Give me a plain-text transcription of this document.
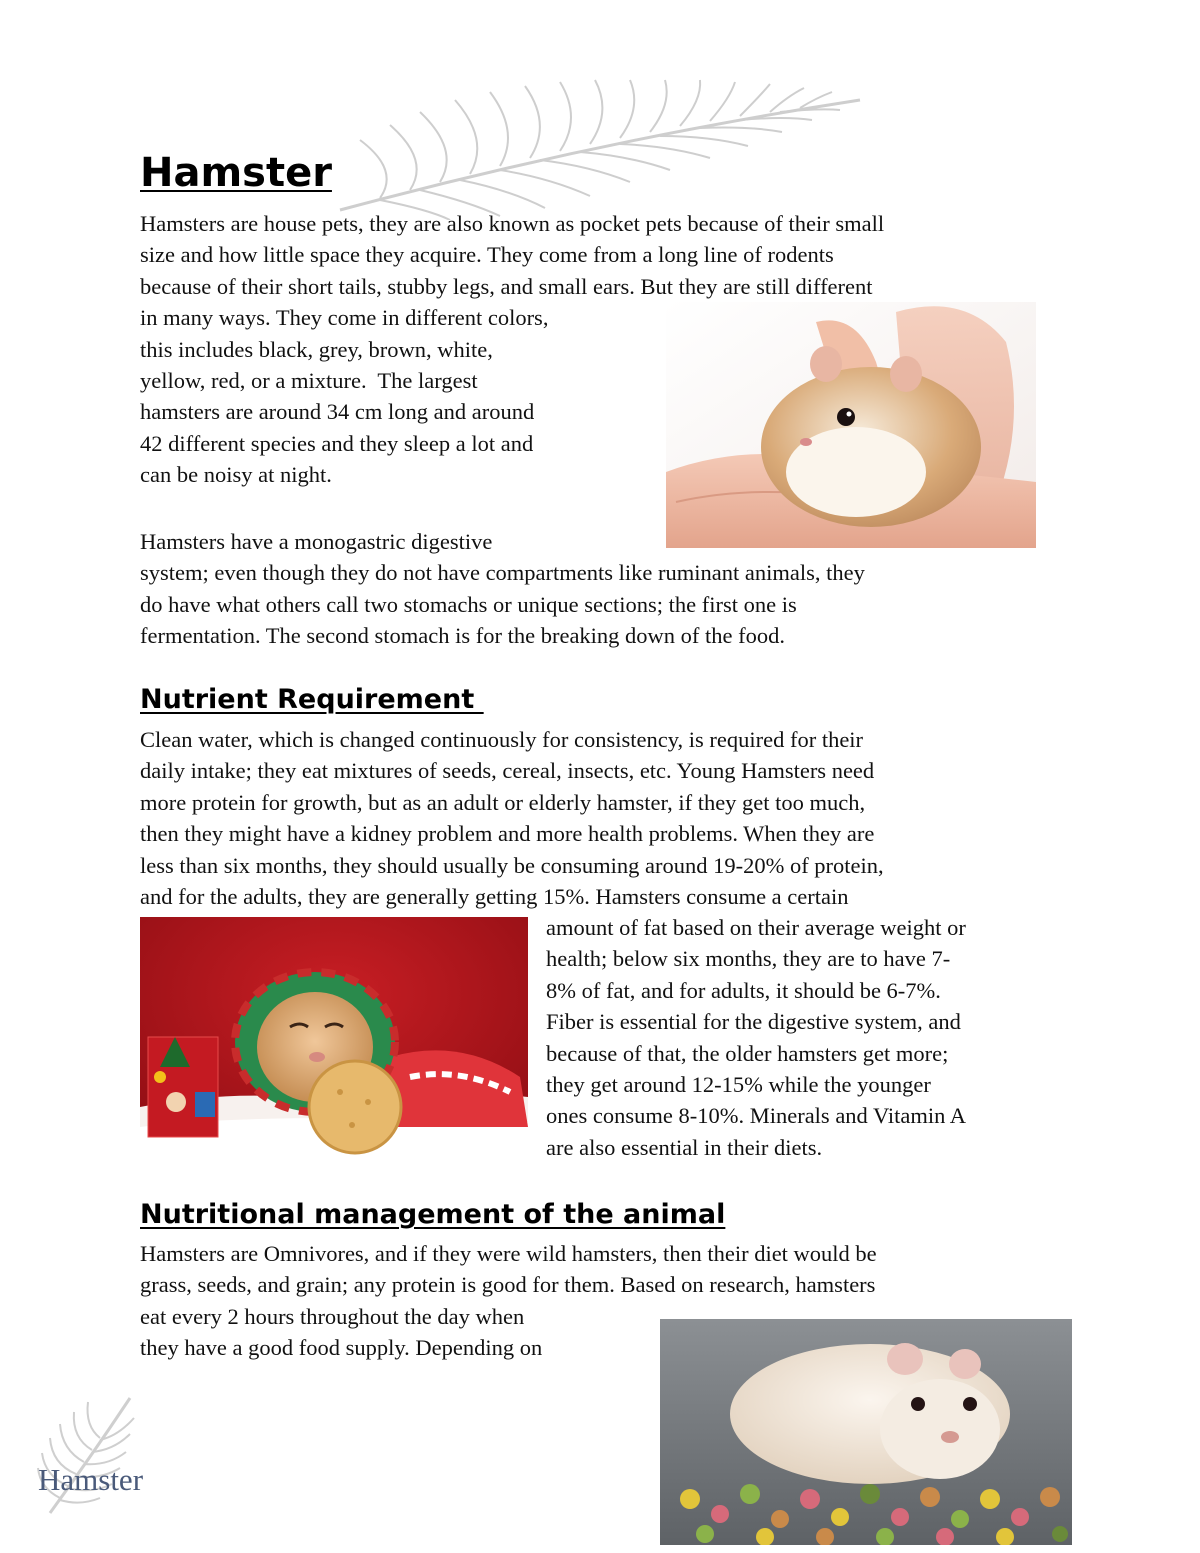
Hamster
Hamsters are house pets, they are also known as pocket pets because of their small
size and how little space they acquire. They come from a long line of rodents
because of their short tails, stubby legs, and small ears. But they are still different
in many ways. They come in different colors,
this includes black, grey, brown, white,
yellow, red, or a mixture.  The largest
hamsters are around 34 cm long and around
42 different species and they sleep a lot and
can be noisy at night.
Hamsters have a monogastric digestive
system; even though they do not have compartments like ruminant animals, they
do have what others call two stomachs or unique sections; the first one is
fermentation. The second stomach is for the breaking down of the food.
Nutrient Requirement
Clean water, which is changed continuously for consistency, is required for their
daily intake; they eat mixtures of seeds, cereal, insects, etc. Young Hamsters need
more protein for growth, but as an adult or elderly hamster, if they get too much,
then they might have a kidney problem and more health problems. When they are
less than six months, they should usually be consuming around 19-20% of protein,
and for the adults, they are generally getting 15%. Hamsters consume a certain
amount of fat based on their average weight or
health; below six months, they are to have 7-
8% of fat, and for adults, it should be 6-7%.
Fiber is essential for the digestive system, and
because of that, the older hamsters get more;
they get around 12-15% while the younger
ones consume 8-10%. Minerals and Vitamin A
are also essential in their diets.
Nutritional management of the animal
Hamsters are Omnivores, and if they were wild hamsters, then their diet would be
grass, seeds, and grain; any protein is good for them. Based on research, hamsters
eat every 2 hours throughout the day when
they have a good food supply. Depending on
Hamster
